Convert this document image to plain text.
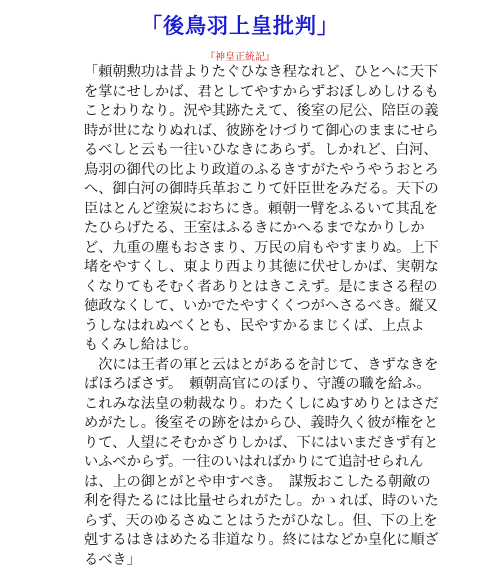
「後鳥羽上皇批判」
『神皇正統記』
「頼朝勲功は昔よりたぐひなき程なれど、ひとへに天下
を掌にせしかば、君としてやすからずおぼしめしけるも
ことわりなり。況や其跡たえて、後室の尼公、陪臣の義
時が世になりぬれば、彼跡をけづりて御心のままにせら
るべしと云も一往いひなきにあらず。しかれど、白河、
鳥羽の御代の比より政道のふるきすがたやうやうおとろ
へ、御白河の御時兵革おこりて奸臣世をみだる。天下の
臣はとんど塗炭におちにき。頼朝一臂をふるいて其乱を
たひらげたる、王室はふるきにかへるまでなかりしか
ど、九重の塵もおさまり、万民の肩もやすまりぬ。上下
堵をやすくし、東より西より其徳に伏せしかば、実朝な
くなりてもそむく者ありとはきこえず。是にまさる程の
徳政なくして、いかでたやすくくつがへさるべき。縦又
うしなはれぬべくとも、民やすかるまじくば、上点よ
もくみし給はじ。
　次には王者の軍と云はとがあるを討じて、きずなきを
ばほろぼさず。　頼朝高官にのぼり、守護の職を給ふ。
これみな法皇の勅裁なり。わたくしにぬすめりとはさだ
めがたし。後室その跡をはからひ、義時久く彼が権をと
りて、人望にそむかざりしかば、下にはいまだきず有と
いふべからず。一往のいはればかりにて追討せられん
は、上の御とがとや申すべき。　謀叛おこしたる朝敵の
利を得たるには比量せられがたし。かゝれば、時のいた
らず、天のゆるさぬことはうたがひなし。但、下の上を
剋するはきはめたる非道なり。終にはなどか皇化に順ざ
るべき」
